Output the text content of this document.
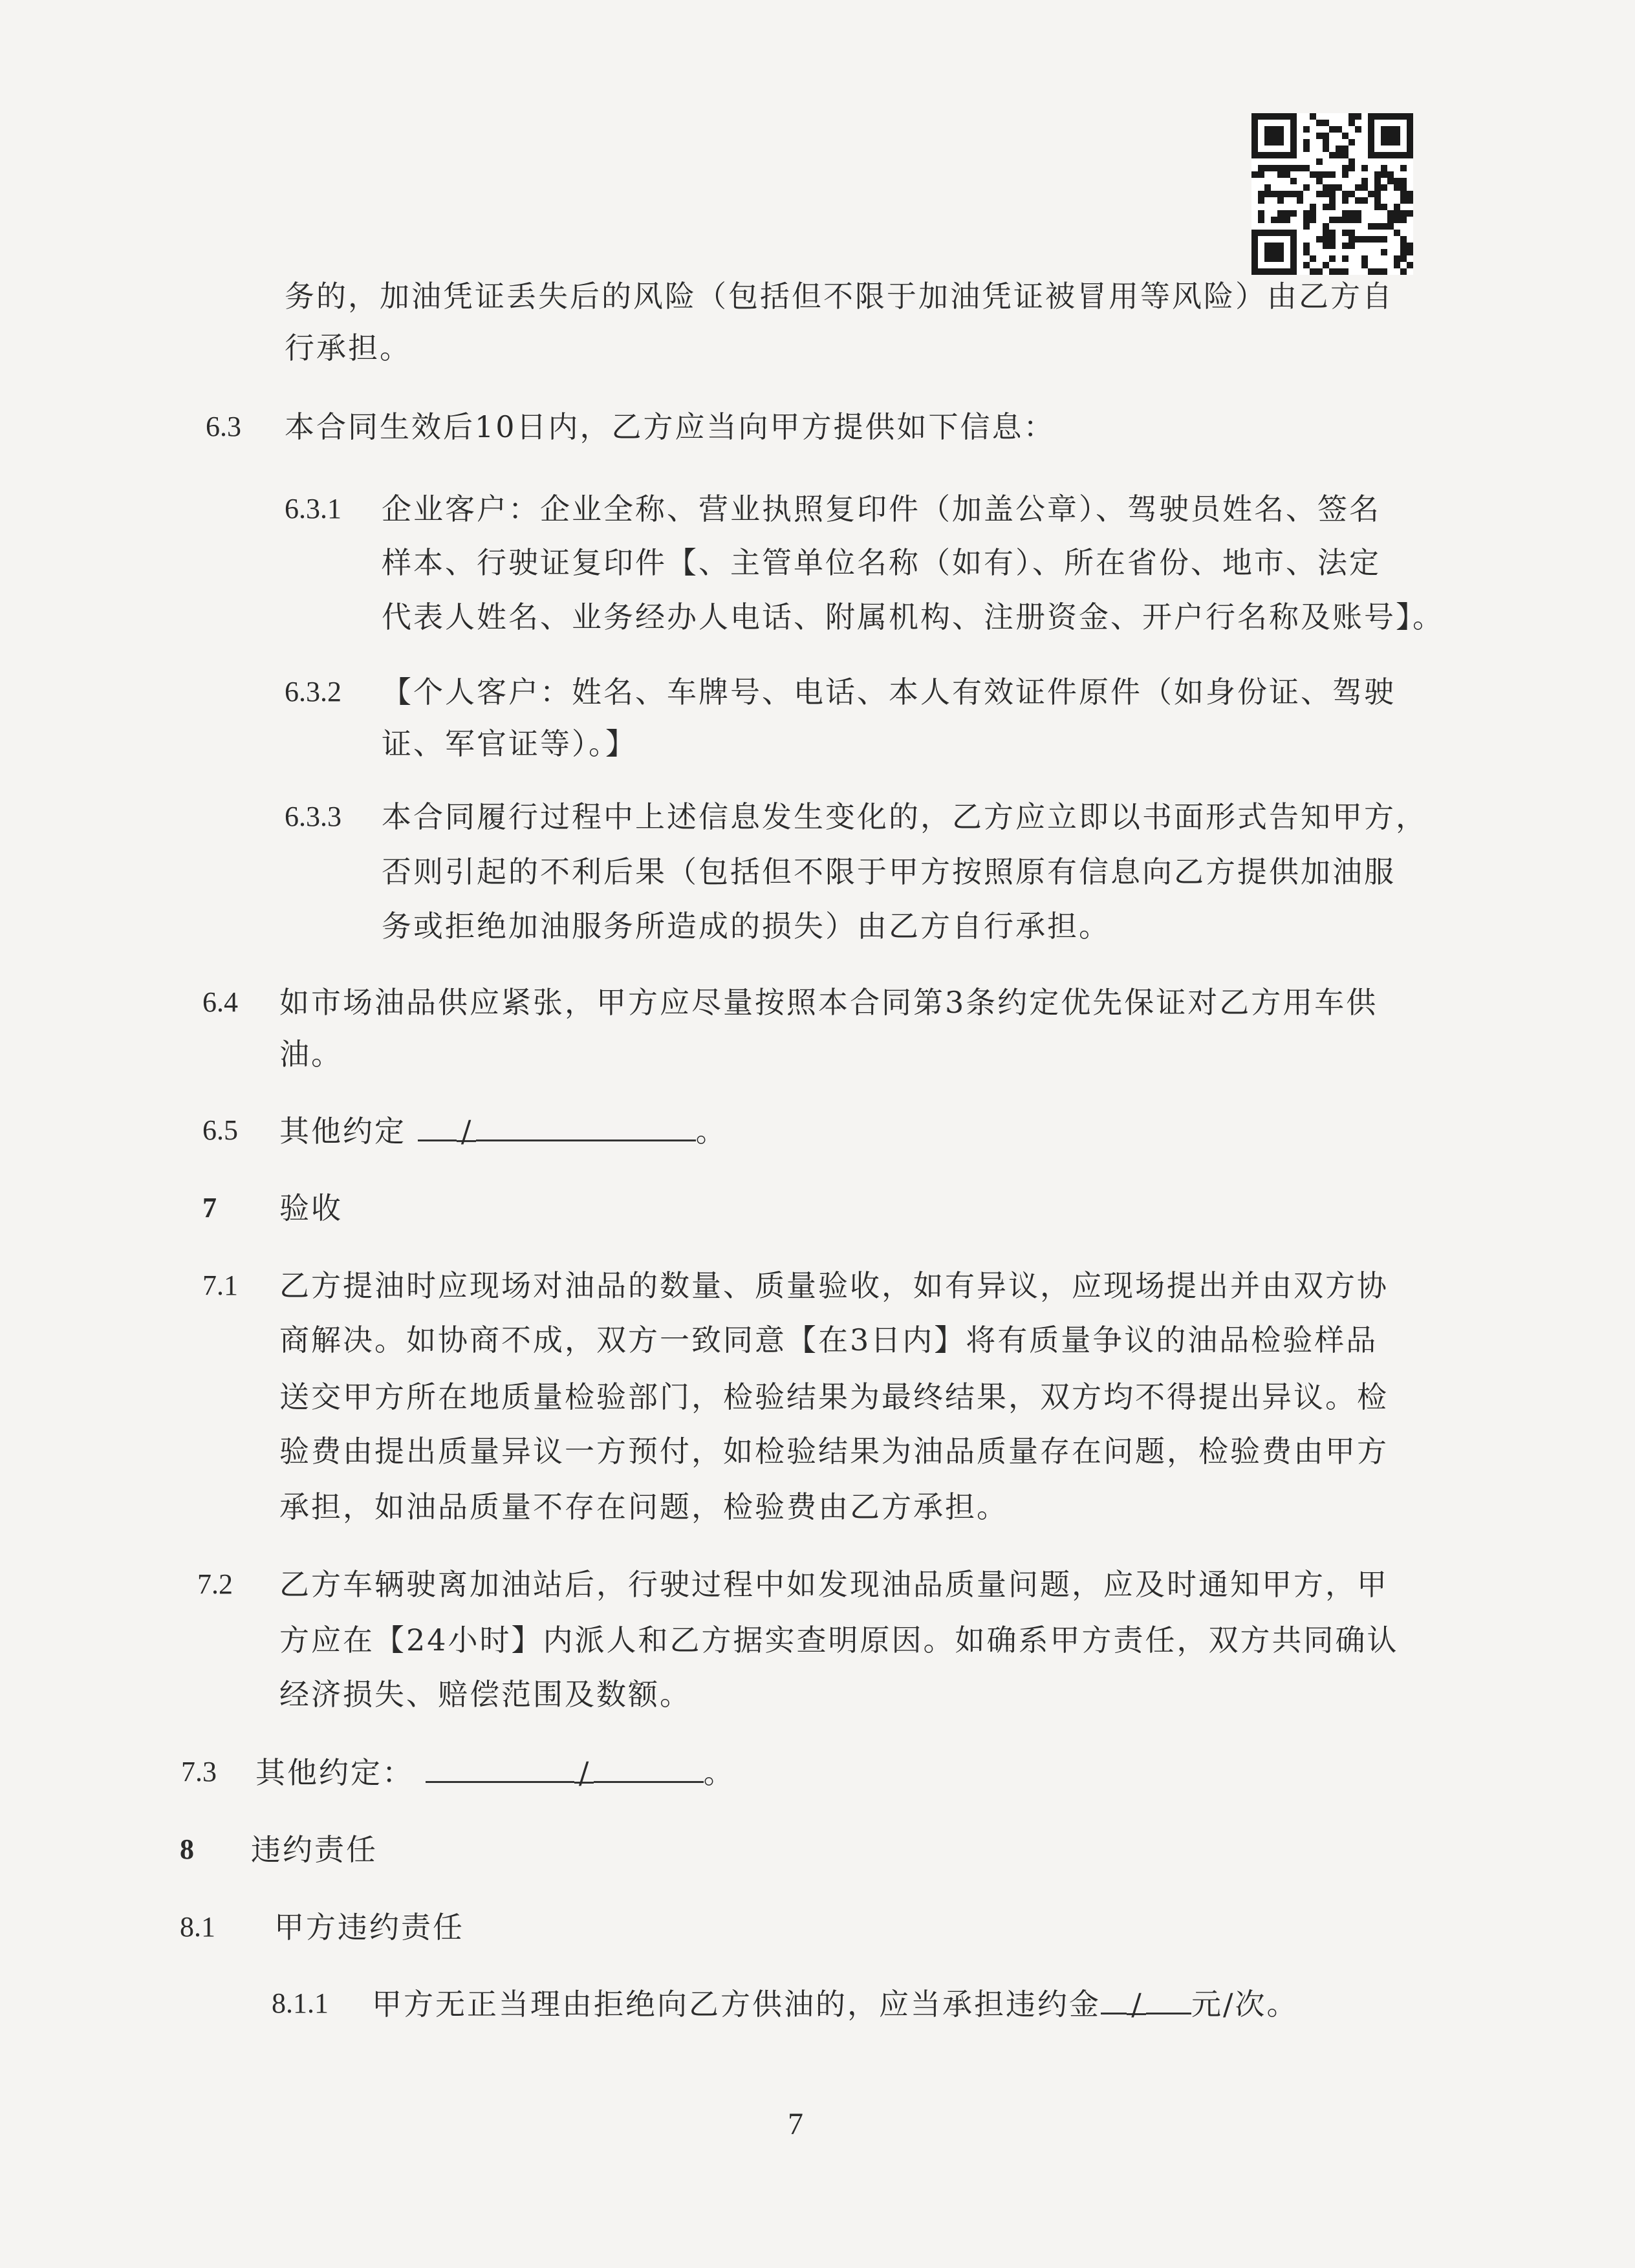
务的，加油凭证丢失后的风险（包括但不限于加油凭证被冒用等风险）由乙方自
行承担。
6.3 本合同生效后10日内，乙方应当向甲方提供如下信息：
6.3.1 企业客户：企业全称、营业执照复印件（加盖公章）、驾驶员姓名、签名
样本、行驶证复印件【、主管单位名称（如有）、所在省份、地市、法定
代表人姓名、业务经办人电话、附属机构、注册资金、开户行名称及账号】。
6.3.2 【个人客户：姓名、车牌号、电话、本人有效证件原件（如身份证、驾驶
证、军官证等）。】
6.3.3 本合同履行过程中上述信息发生变化的，乙方应立即以书面形式告知甲方，
否则引起的不利后果（包括但不限于甲方按照原有信息向乙方提供加油服
务或拒绝加油服务所造成的损失）由乙方自行承担。
6.4 如市场油品供应紧张，甲方应尽量按照本合同第3条约定优先保证对乙方用车供
油。
6.5 其他约定 /	。
7 验收
7.1 乙方提油时应现场对油品的数量、质量验收，如有异议，应现场提出并由双方协
商解决。如协商不成，双方一致同意【在3日内】将有质量争议的油品检验样品
送交甲方所在地质量检验部门，检验结果为最终结果，双方均不得提出异议。检
验费由提出质量异议一方预付，如检验结果为油品质量存在问题，检验费由甲方
承担，如油品质量不存在问题，检验费由乙方承担。
7.2 乙方车辆驶离加油站后，行驶过程中如发现油品质量问题，应及时通知甲方，甲
方应在【24小时】内派人和乙方据实查明原因。如确系甲方责任，双方共同确认
经济损失、赔偿范围及数额。
7.3 其他约定：	/	。
8 违约责任
8.1 甲方违约责任
8.1.1 甲方无正当理由拒绝向乙方供油的，应当承担违约金 / 元/次。
7
